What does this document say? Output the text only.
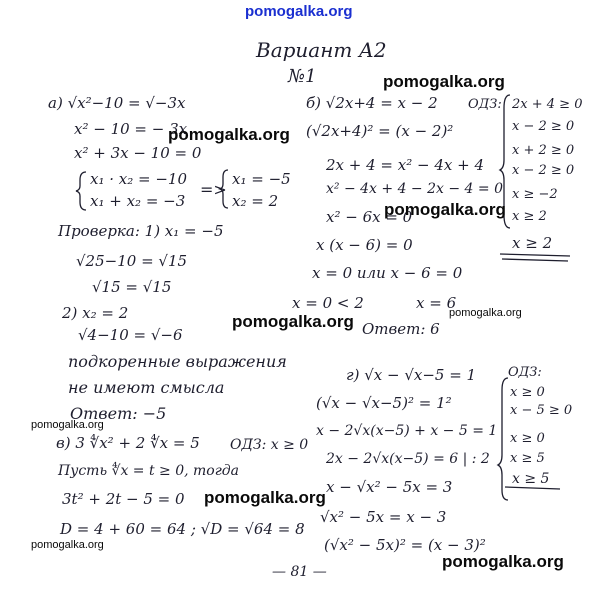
pomogalka.org
Вариант А2
№1
а) √x²−10 = √−3x
x² − 10 = − 3x
x² + 3x − 10 = 0
x₁ · x₂ = −10
x₁ + x₂ = −3
=>
x₁ = −5
x₂ = 2
Проверка: 1) x₁ = −5
√25−10 = √15
√15 = √15
2) x₂ = 2
√4−10 = √−6
подкоренные выражения
не имеют смысла
Ответ: −5
б) √2x+4 = x − 2
(√2x+4)² = (x − 2)²
2x + 4 = x² − 4x + 4
x² − 4x + 4 − 2x − 4 = 0
x² − 6x = 0
x (x − 6) = 0
x = 0 или x − 6 = 0
x = 0 < 2	x = 6
Ответ: 6
ОДЗ: 2x + 4 ≥ 0
x − 2 ≥ 0
x + 2 ≥ 0
x − 2 ≥ 0
x ≥ −2
x ≥ 2
x ≥ 2
в) 3 ∜x² + 2 ∜x = 5 ОДЗ: x ≥ 0
Пусть ∜x = t ≥ 0, тогда
3t² + 2t − 5 = 0
D = 4 + 60 = 64 ; √D = √64 = 8
г) √x − √x−5 = 1
(√x − √x−5)² = 1²
x − 2√x(x−5) + x − 5 = 1
2x − 2√x(x−5) = 6 | : 2
x − √x² − 5x = 3
√x² − 5x = x − 3
(√x² − 5x)² = (x − 3)²
ОДЗ:
x ≥ 0
x − 5 ≥ 0
x ≥ 0
x ≥ 5
x ≥ 5
— 81 —
pomogalka.org
pomogalka.org
pomogalka.org
pomogalka.org	pomogalka.org
pomogalka.org
pomogalka.org
pomogalka.org
pomogalka.org
